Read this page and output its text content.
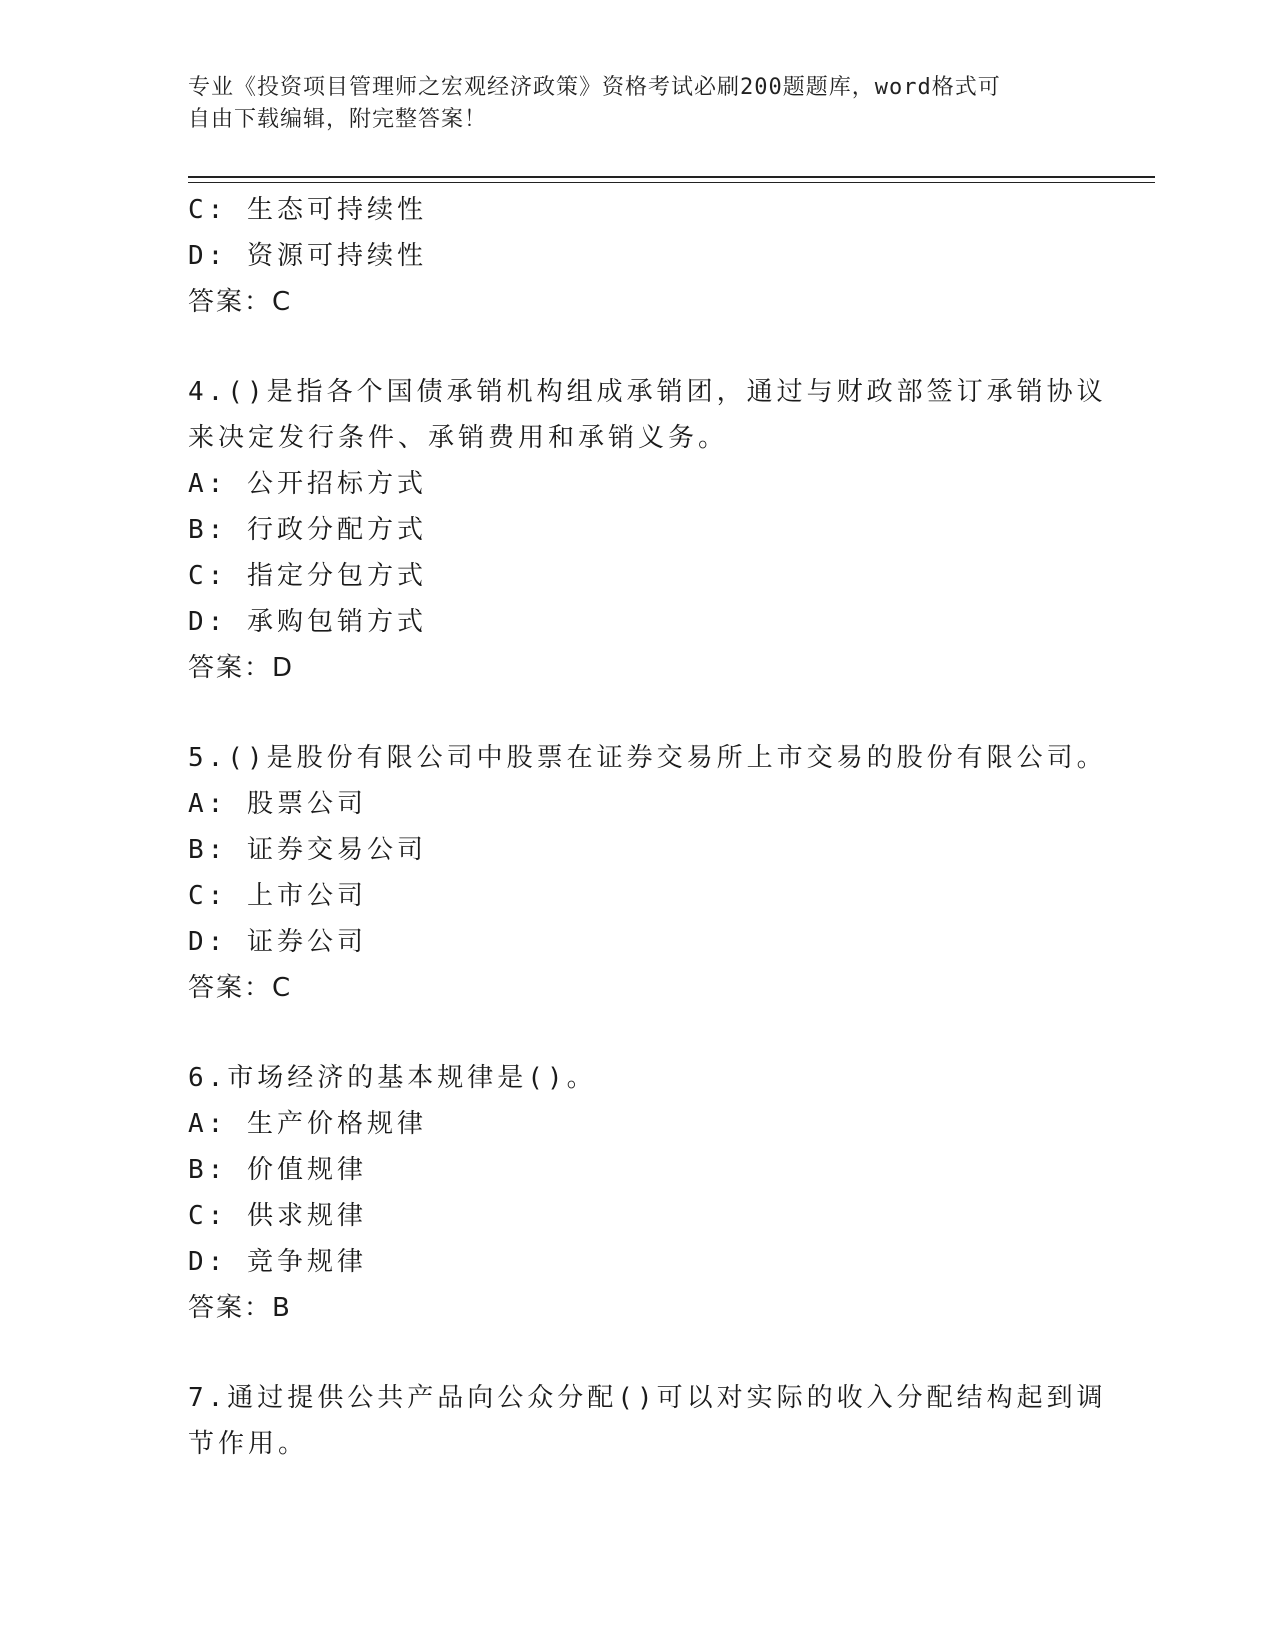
专业《投资项目管理师之宏观经济政策》资格考试必刷200题题库，word格式可
自由下载编辑，附完整答案！
C: 生态可持续性
D: 资源可持续性
答案：C
4.()是指各个国债承销机构组成承销团，通过与财政部签订承销协议
来决定发行条件、承销费用和承销义务。
A: 公开招标方式
B: 行政分配方式
C: 指定分包方式
D: 承购包销方式
答案：D
5.()是股份有限公司中股票在证券交易所上市交易的股份有限公司。
A: 股票公司
B: 证券交易公司
C: 上市公司
D: 证券公司
答案：C
6.市场经济的基本规律是()。
A: 生产价格规律
B: 价值规律
C: 供求规律
D: 竞争规律
答案：B
7.通过提供公共产品向公众分配()可以对实际的收入分配结构起到调
节作用。
